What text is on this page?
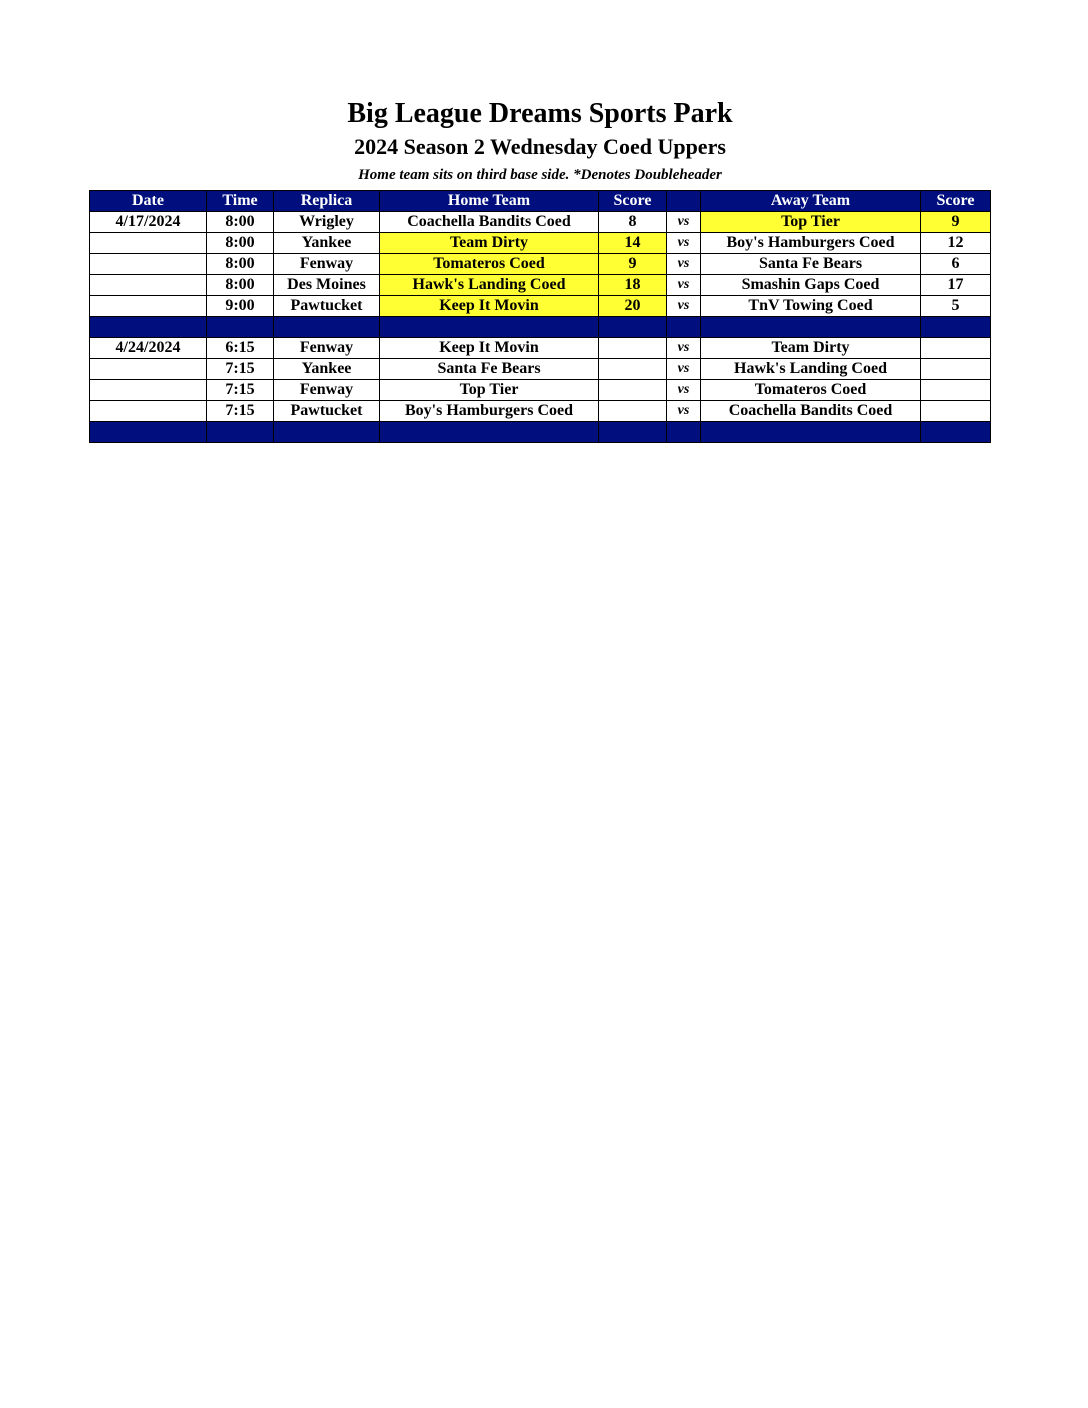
Big League Dreams Sports Park
2024 Season 2 Wednesday Coed Uppers
Home team sits on third base side. *Denotes Doubleheader
Date	Time	Replica	Home Team	Score		Away Team	Score
4/17/2024	8:00	Wrigley	Coachella Bandits Coed	8	vs	Top Tier	9
	8:00	Yankee	Team Dirty	14	vs	Boy's Hamburgers Coed	12
	8:00	Fenway	Tomateros Coed	9	vs	Santa Fe Bears	6
	8:00	Des Moines	Hawk's Landing Coed	18	vs	Smashin Gaps Coed	17
	9:00	Pawtucket	Keep It Movin	20	vs	TnV Towing Coed	5

4/24/2024	6:15	Fenway	Keep It Movin		vs	Team Dirty	
	7:15	Yankee	Santa Fe Bears		vs	Hawk's Landing Coed	
	7:15	Fenway	Top Tier		vs	Tomateros Coed	
	7:15	Pawtucket	Boy's Hamburgers Coed		vs	Coachella Bandits Coed	
